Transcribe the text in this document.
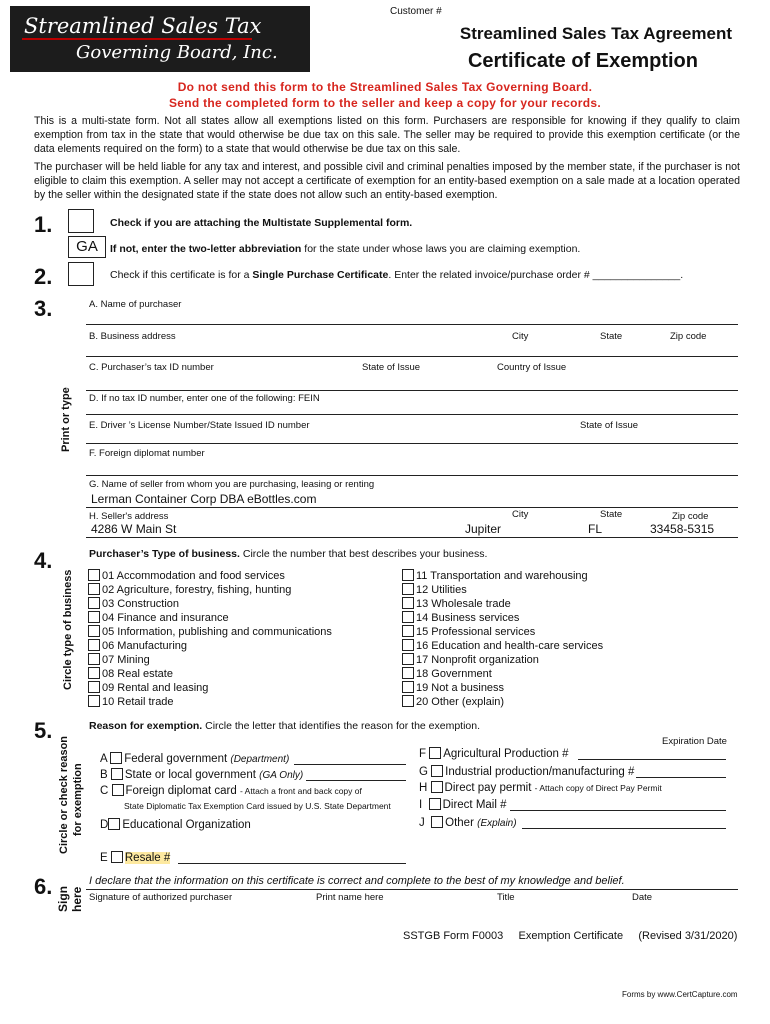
Streamlined Sales Tax
Governing Board, Inc.
Customer #
Streamlined Sales Tax Agreement
Certificate of Exemption
Do not send this form to the Streamlined Sales Tax Governing Board.
Send the completed form to the seller and keep a copy for your records.
This is a multi-state form. Not all states allow all exemptions listed on this form. Purchasers are responsible for knowing if they qualify to claim exemption from tax in the state that would otherwise be due tax on this sale. The seller may be required to provide this exemption certificate (or the data elements required on the form) to a state that would otherwise be due tax on this sale.
The purchaser will be held liable for any tax and interest, and possible civil and criminal penalties imposed by the member state, if the purchaser is not eligible to claim this exemption. A seller may not accept a certificate of exemption for an entity-based exemption on a sale made at a location operated by the seller within the designated state if the state does not allow such an entity-based exemption.
1.	Check if you are attaching the Multistate Supplemental form.
GA	If not, enter the two-letter abbreviation for the state under whose laws you are claiming exemption.
2.	Check if this certificate is for a Single Purchase Certificate. Enter the related invoice/purchase order # _______________.
3.
Print or type
A. Name of purchaser
B. Business address	City	State	Zip code
C. Purchaser’s tax ID number	State of Issue	Country of Issue
D. If no tax ID number, enter one of the following: FEIN
E. Driver ’s License Number/State Issued ID number	State of Issue
F. Foreign diplomat number
G. Name of seller from whom you are purchasing, leasing or renting
Lerman Container Corp DBA eBottles.com
H. Seller's address	City	State	Zip code
4286 W Main St	Jupiter	FL	33458-5315
4.
Circle type of business
Purchaser’s Type of business. Circle the number that best describes your business.
01 Accommodation and food services
02 Agriculture, forestry, fishing, hunting
03 Construction
04 Finance and insurance
05 Information, publishing and communications
06 Manufacturing
07 Mining
08 Real estate
09 Rental and leasing
10 Retail trade
11 Transportation and warehousing
12 Utilities
13 Wholesale trade
14 Business services
15 Professional services
16 Education and health-care services
17 Nonprofit organization
18 Government
19 Not a business
20 Other (explain)
5.
Circle or check reason for exemption
Reason for exemption. Circle the letter that identifies the reason for the exemption.
Expiration Date
A Federal government (Department)
B State or local government (GA Only)
C Foreign diplomat card - Attach a front and back copy of
State Diplomatic Tax Exemption Card issued by U.S. State Department
D Educational Organization
E Resale #
F Agricultural Production #
G Industrial production/manufacturing #
H Direct pay permit - Attach copy of Direct Pay Permit
I Direct Mail #
J Other (Explain)
6. Sign here
I declare that the information on this certificate is correct and complete to the best of my knowledge and belief.
Signature of authorized purchaser	Print name here	Title	Date
SSTGB Form F0003     Exemption Certificate     (Revised 3/31/2020)
Forms by www.CertCapture.com
